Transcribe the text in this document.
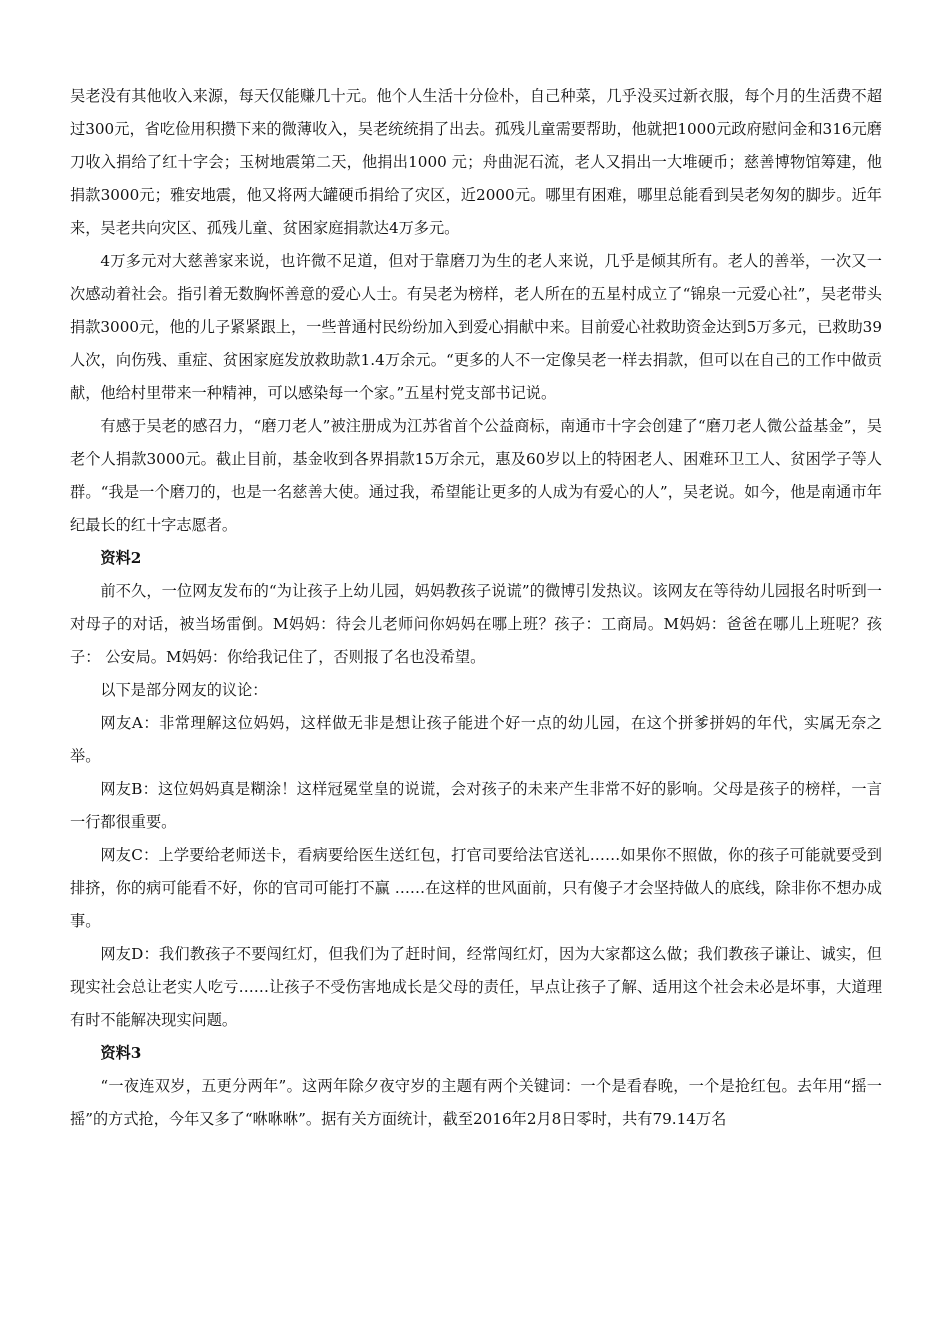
吴老没有其他收入来源，每天仅能赚几十元。他个人生活十分俭朴，自己种菜，几乎没买过新衣服，每个月的生活费不超过300元，省吃俭用积攒下来的微薄收入，吴老统统捐了出去。孤残儿童需要帮助，他就把1000元政府慰问金和316元磨刀收入捐给了红十字会；玉树地震第二天，他捐出1000 元；舟曲泥石流，老人又捐出一大堆硬币；慈善博物馆筹建，他捐款3000元；雅安地震，他又将两大罐硬币捐给了灾区，近2000元。哪里有困难，哪里总能看到吴老匆匆的脚步。近年来，吴老共向灾区、孤残儿童、贫困家庭捐款达4万多元。

4万多元对大慈善家来说，也许微不足道，但对于靠磨刀为生的老人来说，几乎是倾其所有。老人的善举，一次又一次感动着社会。指引着无数胸怀善意的爱心人士。有吴老为榜样，老人所在的五星村成立了“锦泉一元爱心社”，吴老带头捐款3000元，他的儿子紧紧跟上，一些普通村民纷纷加入到爱心捐献中来。目前爱心社救助资金达到5万多元，已救助39人次，向伤残、重症、贫困家庭发放救助款1.4万余元。“更多的人不一定像吴老一样去捐款，但可以在自己的工作中做贡献，他给村里带来一种精神，可以感染每一个家。”五星村党支部书记说。

有感于吴老的感召力，“磨刀老人”被注册成为江苏省首个公益商标，南通市十字会创建了“磨刀老人微公益基金”，吴老个人捐款3000元。截止目前，基金收到各界捐款15万余元，惠及60岁以上的特困老人、困难环卫工人、贫困学子等人群。“我是一个磨刀的，也是一名慈善大使。通过我，希望能让更多的人成为有爱心的人”，吴老说。如今，他是南通市年纪最长的红十字志愿者。

资料2

前不久，一位网友发布的“为让孩子上幼儿园，妈妈教孩子说谎”的微博引发热议。该网友在等待幼儿园报名时听到一对母子的对话，被当场雷倒。M妈妈：待会儿老师问你妈妈在哪上班？孩子：工商局。M妈妈：爸爸在哪儿上班呢？孩子： 公安局。M妈妈：你给我记住了，否则报了名也没希望。

以下是部分网友的议论：

网友A：非常理解这位妈妈，这样做无非是想让孩子能进个好一点的幼儿园，在这个拼爹拼妈的年代，实属无奈之举。

网友B：这位妈妈真是糊涂！这样冠冕堂皇的说谎，会对孩子的未来产生非常不好的影响。父母是孩子的榜样，一言一行都很重要。

网友C：上学要给老师送卡，看病要给医生送红包，打官司要给法官送礼……如果你不照做，你的孩子可能就要受到排挤，你的病可能看不好，你的官司可能打不赢 ……在这样的世风面前，只有傻子才会坚持做人的底线，除非你不想办成事。

网友D：我们教孩子不要闯红灯，但我们为了赶时间，经常闯红灯，因为大家都这么做；我们教孩子谦让、诚实，但现实社会总让老实人吃亏……让孩子不受伤害地成长是父母的责任，早点让孩子了解、适用这个社会未必是坏事，大道理有时不能解决现实问题。

资料3

“一夜连双岁，五更分两年”。这两年除夕夜守岁的主题有两个关键词：一个是看春晚，一个是抢红包。去年用“摇一摇”的方式抢，今年又多了“咻咻咻”。据有关方面统计，截至2016年2月8日零时，共有79.14万名
